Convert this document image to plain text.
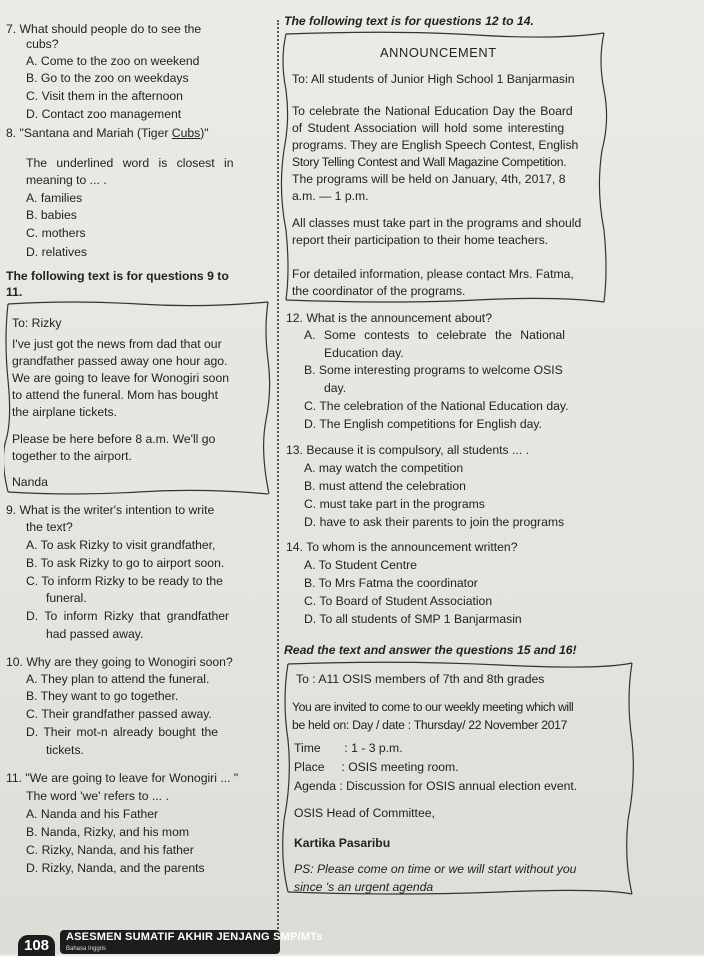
7. What should people do to see the
cubs?
A. Come to the zoo on weekend
B. Go to the zoo on weekdays
C. Visit them in the afternoon
D. Contact zoo management
8. "Santana and Mariah (Tiger Cubs)"
The underlined word is closest in
meaning to ... .
A. families
B. babies
C. mothers
D. relatives
The following text is for questions 9 to
11.
To: Rizky
I've just got the news from dad that our
grandfather passed away one hour ago.
We are going to leave for Wonogiri soon
to attend the funeral. Mom has bought
the airplane tickets.
Please be here before 8 a.m. We'll go
together to the airport.
Nanda
9. What is the writer's intention to write
the text?
A. To ask Rizky to visit grandfather,
B. To ask Rizky to go to airport soon.
C. To inform Rizky to be ready to the
funeral.
D. To inform Rizky that grandfather
had passed away.
10. Why are they going to Wonogiri soon?
A. They plan to attend the funeral.
B. They want to go together.
C. Their grandfather passed away.
D. Their mot-n already bought the
tickets.
11. "We are going to leave for Wonogiri ... "
The word 'we' refers to ... .
A. Nanda and his Father
B. Nanda, Rizky, and his mom
C. Rizky, Nanda, and his father
D. Rizky, Nanda, and the parents
The following text is for questions 12 to 14.
ANNOUNCEMENT
To: All students of Junior High School 1 Banjarmasin
To celebrate the National Education Day the Board
of Student Association will hold some interesting
programs. They are English Speech Contest, English
Story Telling Contest and Wall Magazine Competition.
The programs will be held on January, 4th, 2017, 8
a.m. — 1 p.m.
All classes must take part in the programs and should
report their participation to their home teachers.
For detailed information, please contact Mrs. Fatma,
the coordinator of the programs.
12. What is the announcement about?
A. Some contests to celebrate the National
Education day.
B. Some interesting programs to welcome OSIS
day.
C. The celebration of the National Education day.
D. The English competitions for English day.
13. Because it is compulsory, all students ... .
A. may watch the competition
B. must attend the celebration
C. must take part in the programs
D. have to ask their parents to join the programs
14. To whom is the announcement written?
A. To Student Centre
B. To Mrs Fatma the coordinator
C. To Board of Student Association
D. To all students of SMP 1 Banjarmasin
Read the text and answer the questions 15 and 16!
To : A11 OSIS members of 7th and 8th grades
You are invited to come to our weekly meeting which will
be held on: Day / date : Thursday/ 22 November 2017
Time       : 1 - 3 p.m.
Place     : OSIS meeting room.
Agenda : Discussion for OSIS annual election event.
OSIS Head of Committee,
Kartika Pasaribu
PS: Please come on time or we will start without you
since 's an urgent agenda
108	ASESMEN SUMATIF AKHIR JENJANG SMP/MTs
Bahasa Inggris
